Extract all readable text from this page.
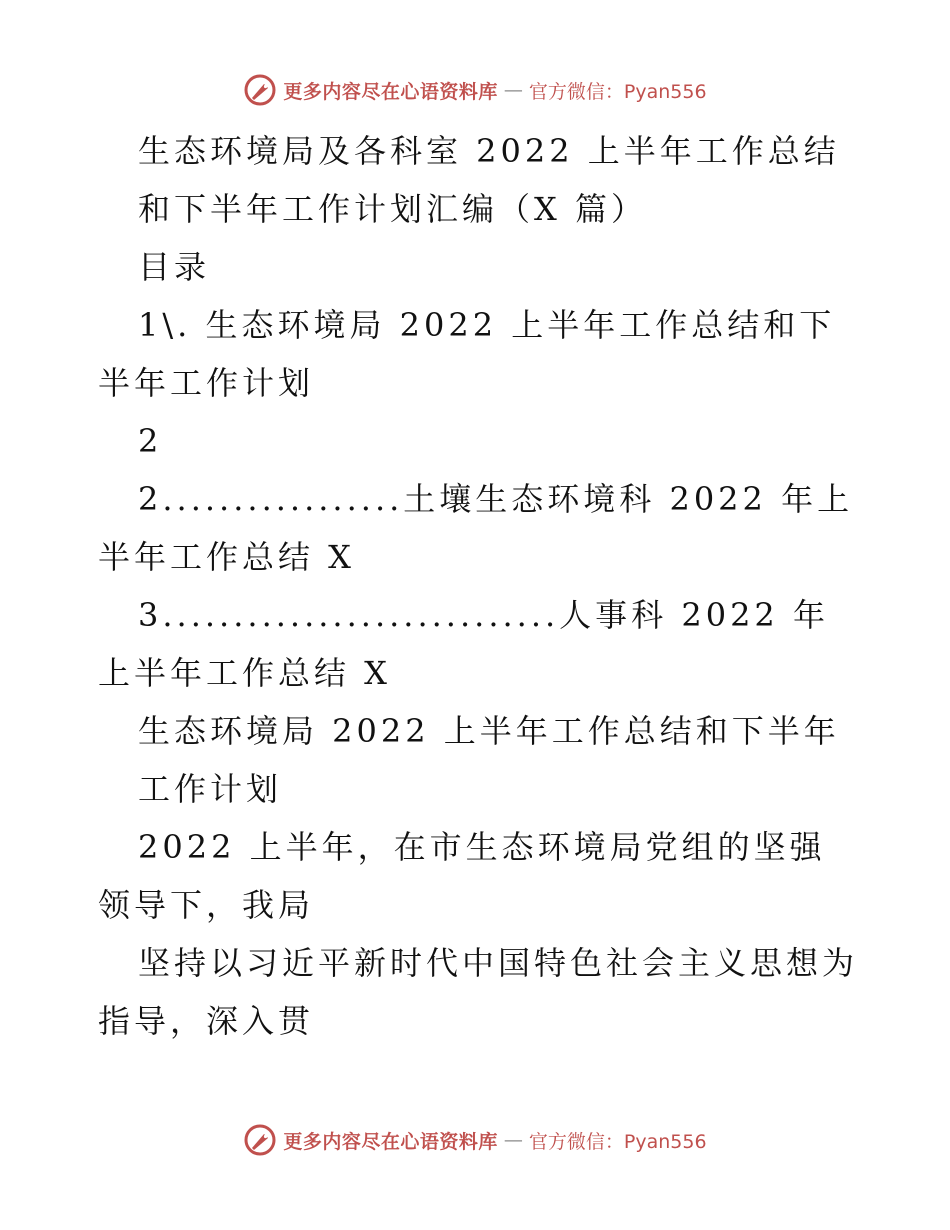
更多内容尽在心语资料库 — 官方微信：Pyan556

生态环境局及各科室 2022 上半年工作总结

和下半年工作计划汇编（X 篇）

目录

1\. 生态环境局 2022 上半年工作总结和下半年工作计划

2

2.................土壤生态环境科 2022 年上半年工作总结 X

3............................人事科 2022 年上半年工作总结 X

生态环境局 2022 上半年工作总结和下半年

工作计划

2022 上半年，在市生态环境局党组的坚强领导下，我局

坚持以习近平新时代中国特色社会主义思想为指导，深入贯

更多内容尽在心语资料库 — 官方微信：Pyan556
